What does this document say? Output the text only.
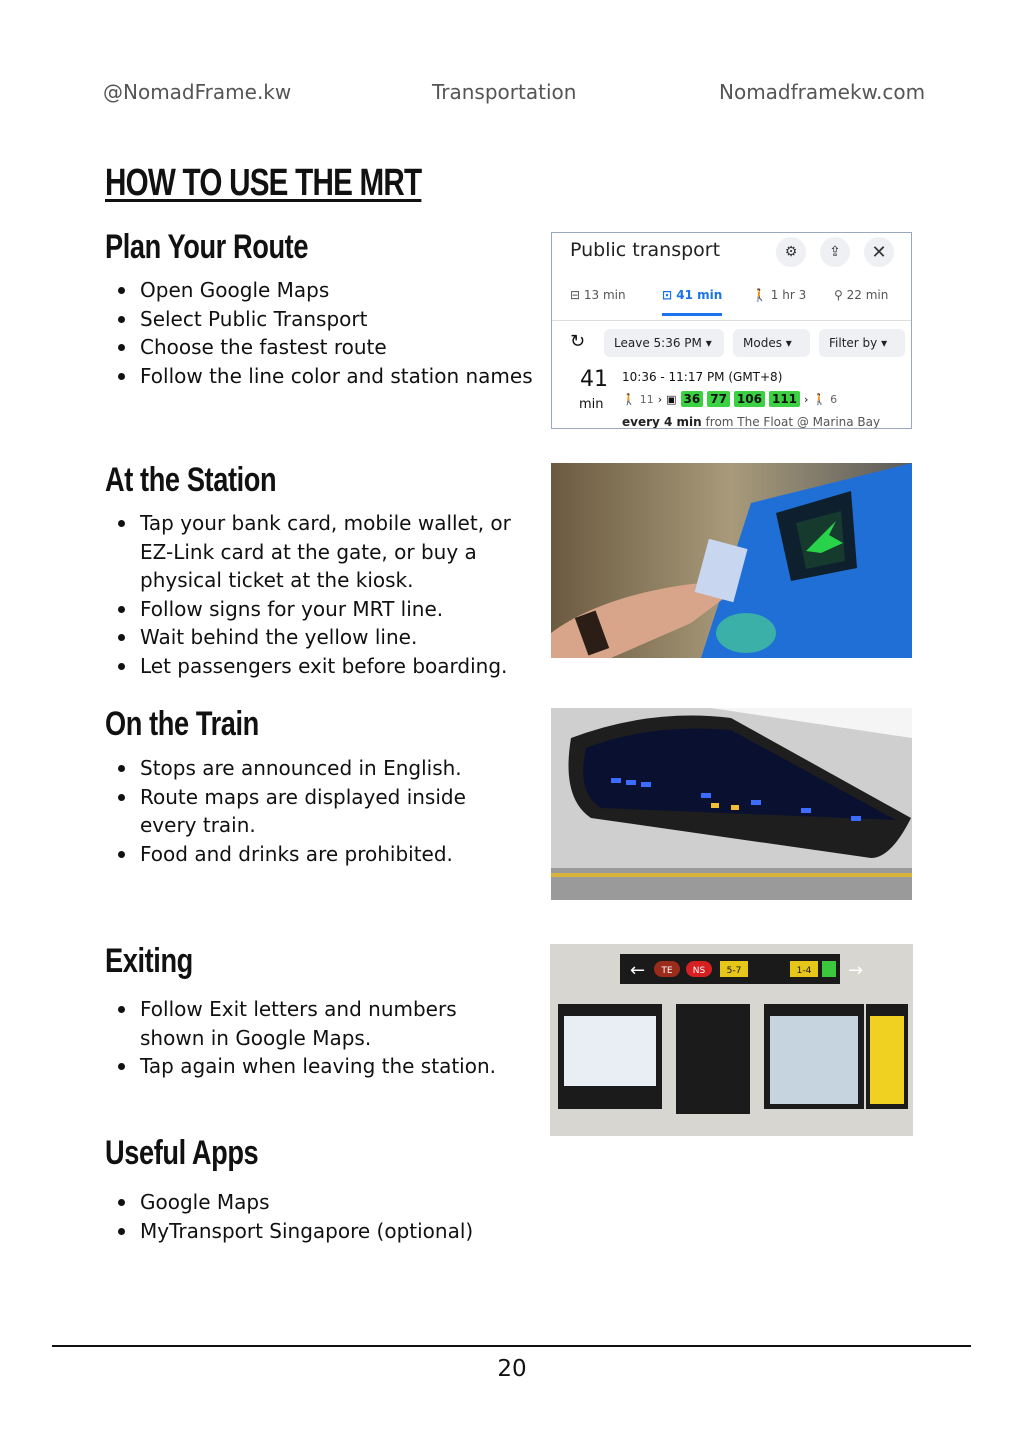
@NomadFrame.kw	Transportation	Nomadframekw.com
HOW TO USE THE MRT
Plan Your Route
Open Google Maps
Select Public Transport
Choose the fastest route
Follow the line color and station names
At the Station
Tap your bank card, mobile wallet, or EZ-Link card at the gate, or buy a physical ticket at the kiosk.
Follow signs for your MRT line.
Wait behind the yellow line.
Let passengers exit before boarding.
On the Train
Stops are announced in English.
Route maps are displayed inside every train.
Food and drinks are prohibited.
Exiting
Follow Exit letters and numbers shown in Google Maps.
Tap again when leaving the station.
Useful Apps
Google Maps
MyTransport Singapore (optional)
Public transport	⚙	⇪	✕
⊟ 13 min	⊡ 41 min 🚶 1 hr 3 ⚲ 22 min
↻ Leave 5:36 PM ▾	Modes ▾	Filter by ▾
41
min
10:36 - 11:17 PM (GMT+8)
🚶 11 › ▣ 36 77 106 111 › 🚶 6
every 4 min from The Float @ Marina Bay
← TE NS 5-7	1-4 →
20
